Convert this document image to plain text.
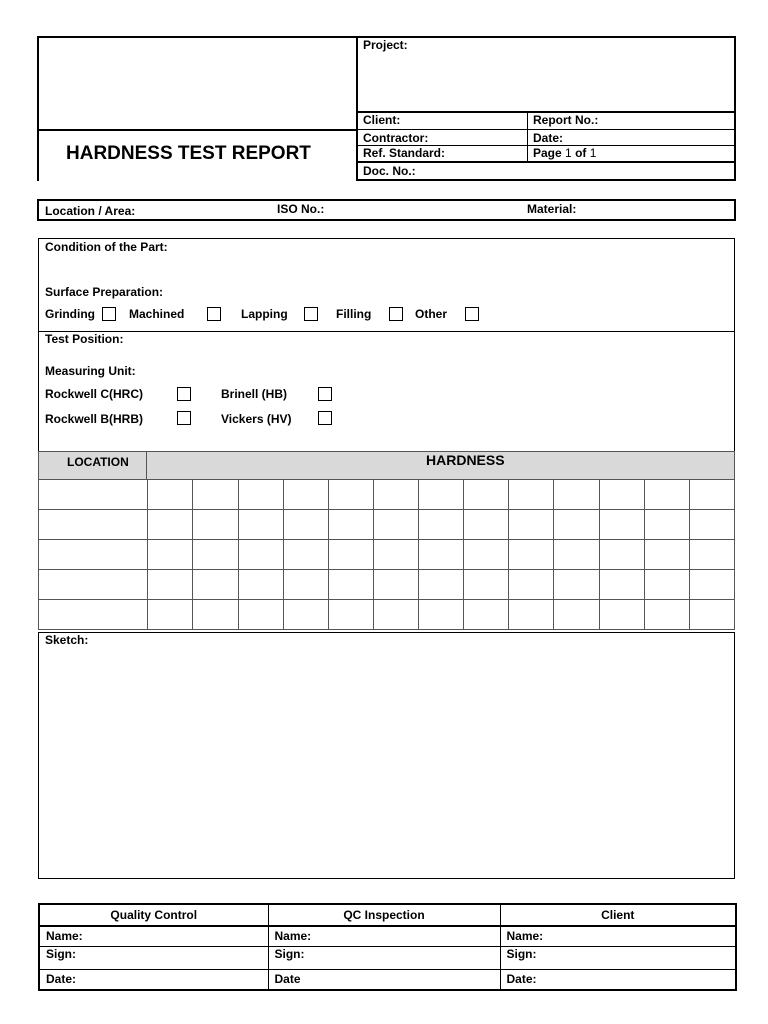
HARDNESS TEST REPORT
Project:
Client:	Report No.:
Contractor:	Date:
Ref. Standard:	Page 1 of 1
Doc. No.:
Location / Area:	ISO No.:	Material:
Condition of the Part:
Surface Preparation:
Grinding	Machined	Lapping	Filling	Other
Test Position:
Measuring Unit:
Rockwell C(HRC)	Brinell (HB)
Rockwell B(HRB)	Vickers (HV)
LOCATION	HARDNESS

Sketch:
Quality Control	QC Inspection	Client
Name:	Name:	Name:
Sign:	Sign:	Sign:
Date:	Date	Date:
